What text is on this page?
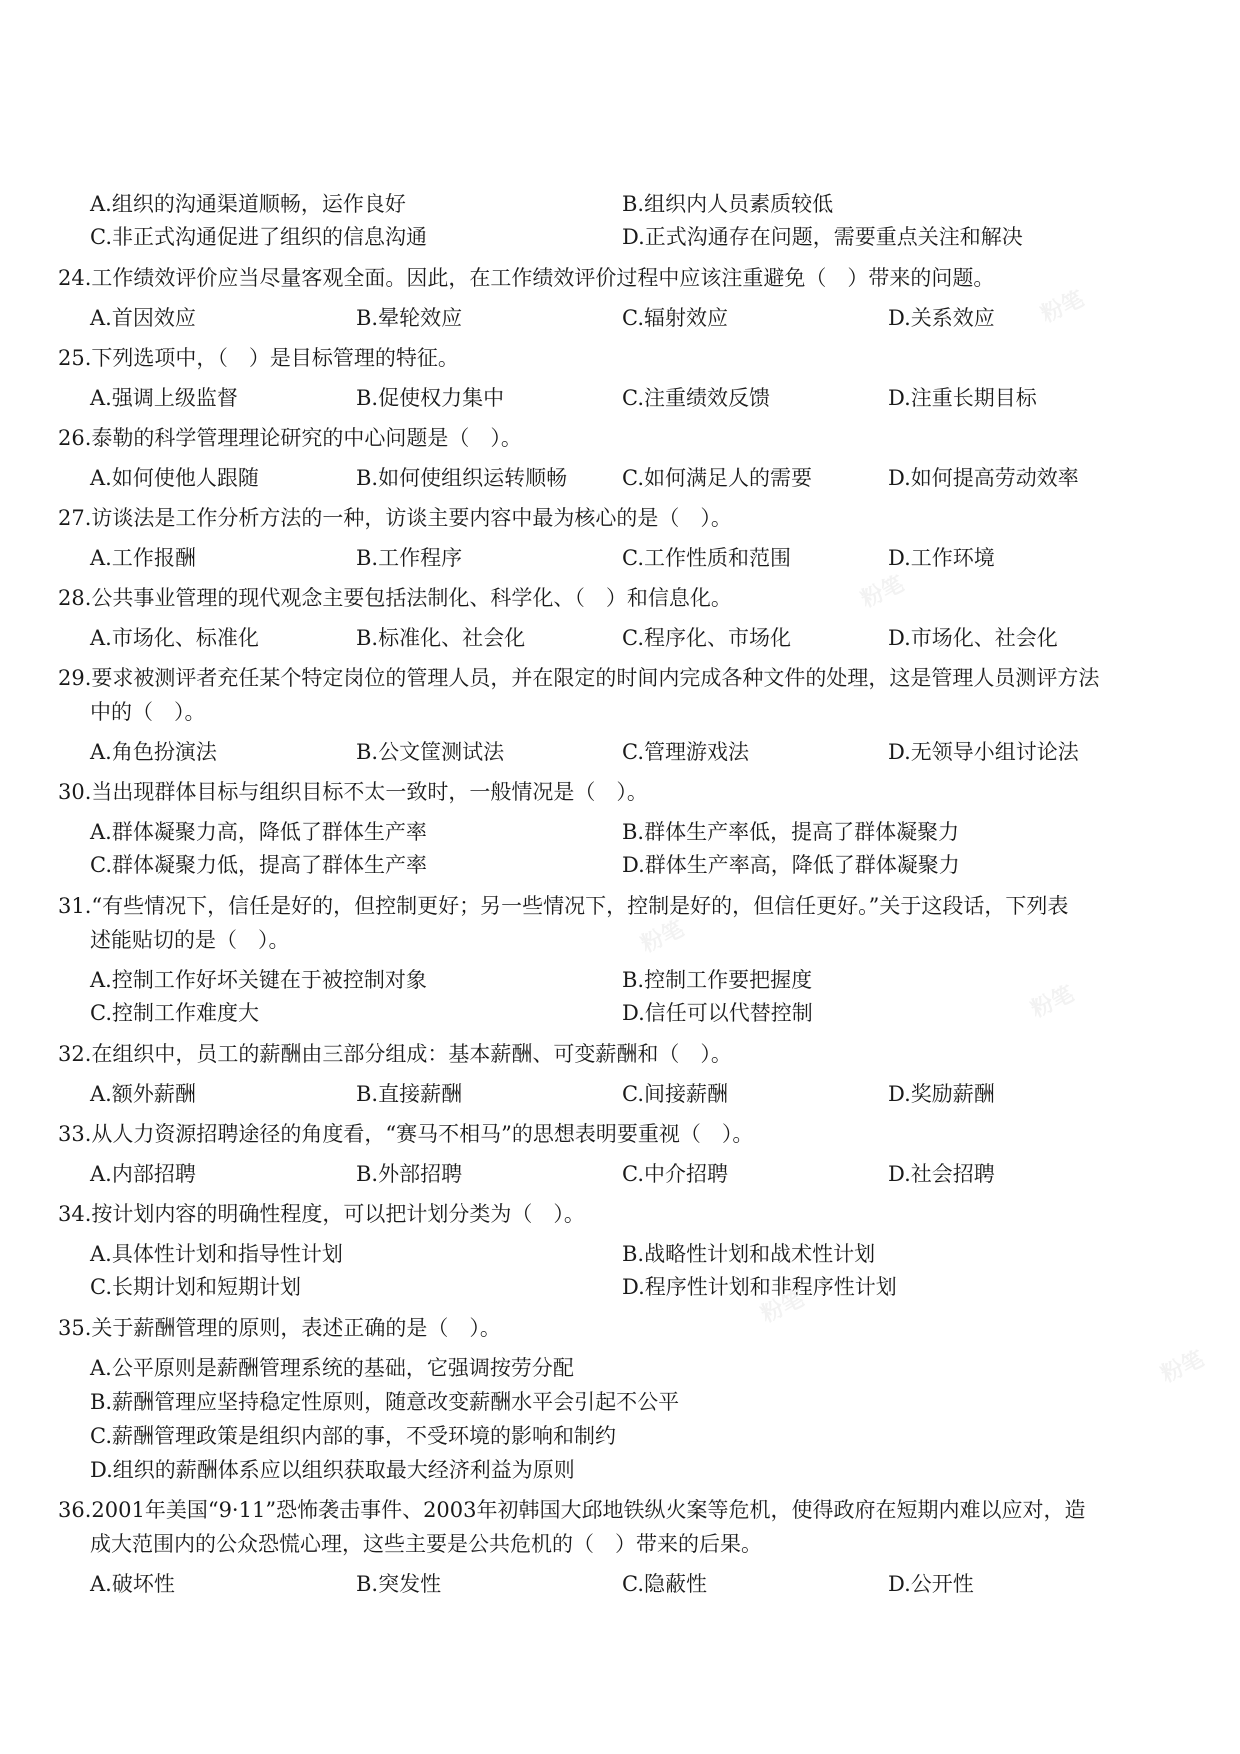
A.组织的沟通渠道顺畅，运作良好	B.组织内人员素质较低
C.非正式沟通促进了组织的信息沟通	D.正式沟通存在问题，需要重点关注和解决
24.工作绩效评价应当尽量客观全面。因此，在工作绩效评价过程中应该注重避免（　）带来的问题。
A.首因效应	B.晕轮效应	C.辐射效应	D.关系效应
25.下列选项中，（　）是目标管理的特征。
A.强调上级监督	B.促使权力集中	C.注重绩效反馈	D.注重长期目标
26.泰勒的科学管理理论研究的中心问题是（　）。
A.如何使他人跟随	B.如何使组织运转顺畅	C.如何满足人的需要	D.如何提高劳动效率
27.访谈法是工作分析方法的一种，访谈主要内容中最为核心的是（　）。
A.工作报酬	B.工作程序	C.工作性质和范围	D.工作环境
28.公共事业管理的现代观念主要包括法制化、科学化、（　）和信息化。
A.市场化、标准化	B.标准化、社会化	C.程序化、市场化	D.市场化、社会化
29.要求被测评者充任某个特定岗位的管理人员，并在限定的时间内完成各种文件的处理，这是管理人员测评方法
中的（　）。
A.角色扮演法	B.公文筐测试法	C.管理游戏法	D.无领导小组讨论法
30.当出现群体目标与组织目标不太一致时，一般情况是（　）。
A.群体凝聚力高，降低了群体生产率	B.群体生产率低，提高了群体凝聚力
C.群体凝聚力低，提高了群体生产率	D.群体生产率高，降低了群体凝聚力
31.“有些情况下，信任是好的，但控制更好；另一些情况下，控制是好的，但信任更好。”关于这段话，下列表
述能贴切的是（　）。
A.控制工作好坏关键在于被控制对象	B.控制工作要把握度
C.控制工作难度大	D.信任可以代替控制
32.在组织中，员工的薪酬由三部分组成：基本薪酬、可变薪酬和（　）。
A.额外薪酬	B.直接薪酬	C.间接薪酬	D.奖励薪酬
33.从人力资源招聘途径的角度看，“赛马不相马”的思想表明要重视（　）。
A.内部招聘	B.外部招聘	C.中介招聘	D.社会招聘
34.按计划内容的明确性程度，可以把计划分类为（　）。
A.具体性计划和指导性计划	B.战略性计划和战术性计划
C.长期计划和短期计划	D.程序性计划和非程序性计划
35.关于薪酬管理的原则，表述正确的是（　）。
A.公平原则是薪酬管理系统的基础，它强调按劳分配
B.薪酬管理应坚持稳定性原则，随意改变薪酬水平会引起不公平
C.薪酬管理政策是组织内部的事，不受环境的影响和制约
D.组织的薪酬体系应以组织获取最大经济利益为原则
36.2001年美国“9·11”恐怖袭击事件、2003年初韩国大邱地铁纵火案等危机，使得政府在短期内难以应对，造
成大范围内的公众恐慌心理，这些主要是公共危机的（　）带来的后果。
A.破坏性	B.突发性	C.隐蔽性	D.公开性
粉笔
粉笔
粉笔
粉笔
粉笔
粉笔
